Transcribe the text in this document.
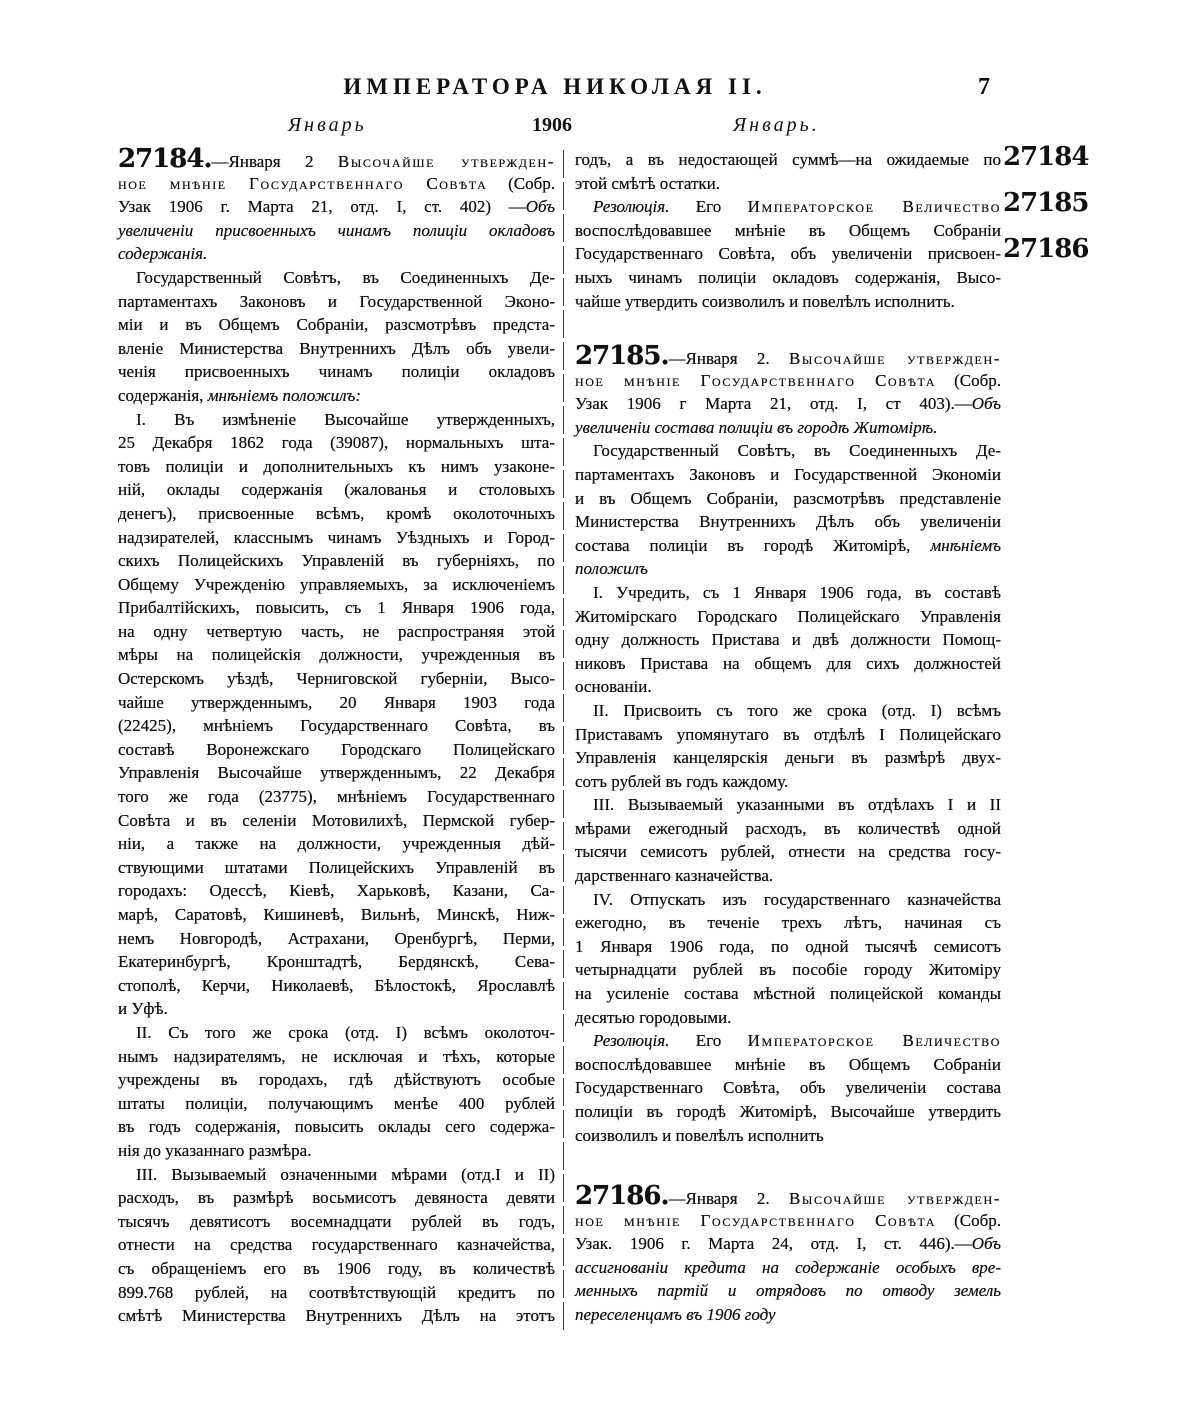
ИМПЕРАТОРА НИКОЛАЯ II.	7
Январь	1906	Январь.
27184.—Января 2 Высочайше утвержден-
ное мнѣніе Государственнаго Совѣта (Собр.
Узак 1906 г. Марта 21, отд. I, ст. 402) —Объ
увеличеніи присвоенныхъ чинамъ полиціи окладовъ
содержанія.
Государственный Совѣтъ, въ Соединенныхъ Де-
партаментахъ Законовъ и Государственной Эконо-
міи и въ Общемъ Собраніи, разсмотрѣвъ предста-
вленіе Министерства Внутреннихъ Дѣлъ объ увели-
ченія присвоенныхъ чинамъ полиціи окладовъ
содержанія, мнѣніемъ положилъ:
I. Въ измѣненіе Высочайше утвержденныхъ,
25 Декабря 1862 года (39087), нормальныхъ шта-
товъ полиціи и дополнительныхъ къ нимъ узаконе-
ній, оклады содержанія (жалованья и столовыхъ
денегъ), присвоенные всѣмъ, кромѣ околоточныхъ
надзирателей, класснымъ чинамъ Уѣздныхъ и Город-
скихъ Полицейскихъ Управленій въ губерніяхъ, по
Общему Учрежденію управляемыхъ, за исключеніемъ
Прибалтійскихъ, повысить, съ 1 Января 1906 года,
на одну четвертую часть, не распространяя этой
мѣры на полицейскія должности, учрежденныя въ
Остерскомъ уѣздѣ, Черниговской губерніи, Высо-
чайше утвержденнымъ, 20 Января 1903 года
(22425), мнѣніемъ Государственнаго Совѣта, въ
составѣ Воронежскаго Городскаго Полицейскаго
Управленія Высочайше утвержденнымъ, 22 Декабря
того же года (23775), мнѣніемъ Государственнаго
Совѣта и въ селеніи Мотовилихѣ, Пермской губер-
ніи, а также на должности, учрежденныя дѣй-
ствующими штатами Полицейскихъ Управленій въ
городахъ: Одессѣ, Кіевѣ, Харьковѣ, Казани, Са-
марѣ, Саратовѣ, Кишиневѣ, Вильнѣ, Минскѣ, Ниж-
немъ Новгородѣ, Астрахани, Оренбургѣ, Перми,
Екатеринбургѣ, Кронштадтѣ, Бердянскѣ, Сева-
стополѣ, Керчи, Николаевѣ, Бѣлостокѣ, Ярославлѣ
и Уфѣ.
II. Съ того же срока (отд. I) всѣмъ околоточ-
нымъ надзирателямъ, не исключая и тѣхъ, которые
учреждены въ городахъ, гдѣ дѣйствуютъ особые
штаты полиціи, получающимъ менѣе 400 рублей
въ годъ содержанія, повысить оклады сего содержа-
нія до указаннаго размѣра.
III. Вызываемый означенными мѣрами (отд.I и II)
расходъ, въ размѣрѣ восьмисотъ девяноста девяти
тысячъ девятисотъ восемнадцати рублей въ годъ,
отнести на средства государственнаго казначейства,
съ обращеніемъ его въ 1906 году, въ количествѣ
899.768 рублей, на соотвѣтствующій кредитъ по
смѣтѣ Министерства Внутреннихъ Дѣлъ на этотъ
годъ, а въ недостающей суммѣ—на ожидаемые по
этой смѣтѣ остатки.
Резолюція. Его Императорское Величество
воспослѣдовавшее мнѣніе въ Общемъ Собраніи
Государственнаго Совѣта, объ увеличеніи присвоен-
ныхъ чинамъ полиціи окладовъ содержанія, Высо-
чайше утвердить соизволилъ и повелѣлъ исполнить.
27185.—Января 2. Высочайше утвержден-
ное мнѣніе Государственнаго Совѣта (Собр.
Узак 1906 г Марта 21, отд. I, ст 403).—Объ
увеличеніи состава полиціи въ городѣ Житомірѣ.
Государственный Совѣтъ, въ Соединенныхъ Де-
партаментахъ Законовъ и Государственной Экономіи
и въ Общемъ Собраніи, разсмотрѣвъ представленіе
Министерства Внутреннихъ Дѣлъ объ увеличеніи
состава полиціи въ городѣ Житомірѣ, мнѣніемъ
положилъ
I. Учредить, съ 1 Января 1906 года, въ составѣ
Житомірскаго Городскаго Полицейскаго Управленія
одну должность Пристава и двѣ должности Помощ-
никовъ Пристава на общемъ для сихъ должностей
основаніи.
II. Присвоить съ того же срока (отд. I) всѣмъ
Приставамъ упомянутаго въ отдѣлѣ I Полицейскаго
Управленія канцелярскія деньги въ размѣрѣ двух-
сотъ рублей въ годъ каждому.
III. Вызываемый указанными въ отдѣлахъ I и II
мѣрами ежегодный расходъ, въ количествѣ одной
тысячи семисотъ рублей, отнести на средства госу-
дарственнаго казначейства.
IV. Отпускать изъ государственнаго казначейства
ежегодно, въ теченіе трехъ лѣтъ, начиная съ
1 Января 1906 года, по одной тысячѣ семисотъ
четырнадцати рублей въ пособіе городу Житоміру
на усиленіе состава мѣстной полицейской команды
десятью городовыми.
Резолюція. Его Императорское Величество
воспослѣдовавшее мнѣніе въ Общемъ Собраніи
Государственнаго Совѣта, объ увеличеніи состава
полиціи въ городѣ Житомірѣ, Высочайше утвердить
соизволилъ и повелѣлъ исполнить
27186.—Января 2. Высочайше утвержден-
ное мнѣніе Государственнаго Совѣта (Собр.
Узак. 1906 г. Марта 24, отд. I, ст. 446).—Объ
ассигнованіи кредита на содержаніе особыхъ вре-
менныхъ партій и отрядовъ по отводу земель
переселенцамъ въ 1906 году
27184
27185
27186
